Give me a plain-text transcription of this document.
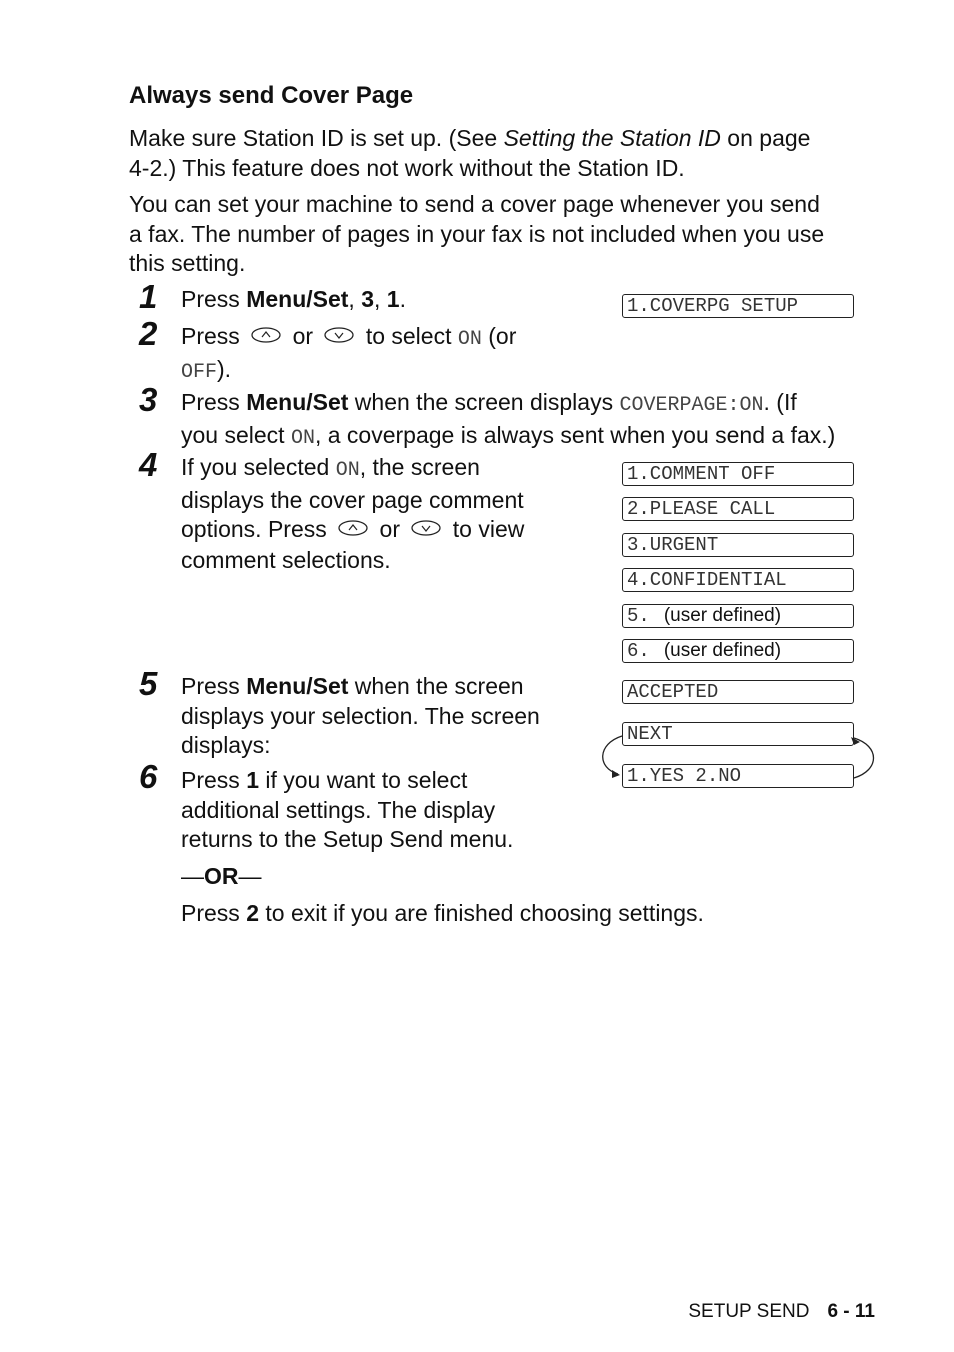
Always send Cover Page
Make sure Station ID is set up. (See Setting the Station ID on page
4-2.) This feature does not work without the Station ID.
You can set your machine to send a cover page whenever you send
a fax. The number of pages in your fax is not included when you use
this setting.
1 Press Menu/Set, 3, 1.
2 Press or to select ON (or
OFF).
3 Press Menu/Set when the screen displays COVERPAGE:ON. (If
you select ON, a coverpage is always sent when you send a fax.)
4 If you selected ON, the screen
displays the cover page comment
options. Press or to view
comment selections.
5 Press Menu/Set when the screen
displays your selection. The screen
displays:
6 Press 1 if you want to select
additional settings. The display
returns to the Setup Send menu.
—OR—
Press 2 to exit if you are finished choosing settings.
1.COVERPG SETUP
1.COMMENT OFF
2.PLEASE CALL
3.URGENT
4.CONFIDENTIAL
5. (user defined)
6. (user defined)
ACCEPTED
NEXT
1.YES 2.NO
SETUP SEND 6 - 11
